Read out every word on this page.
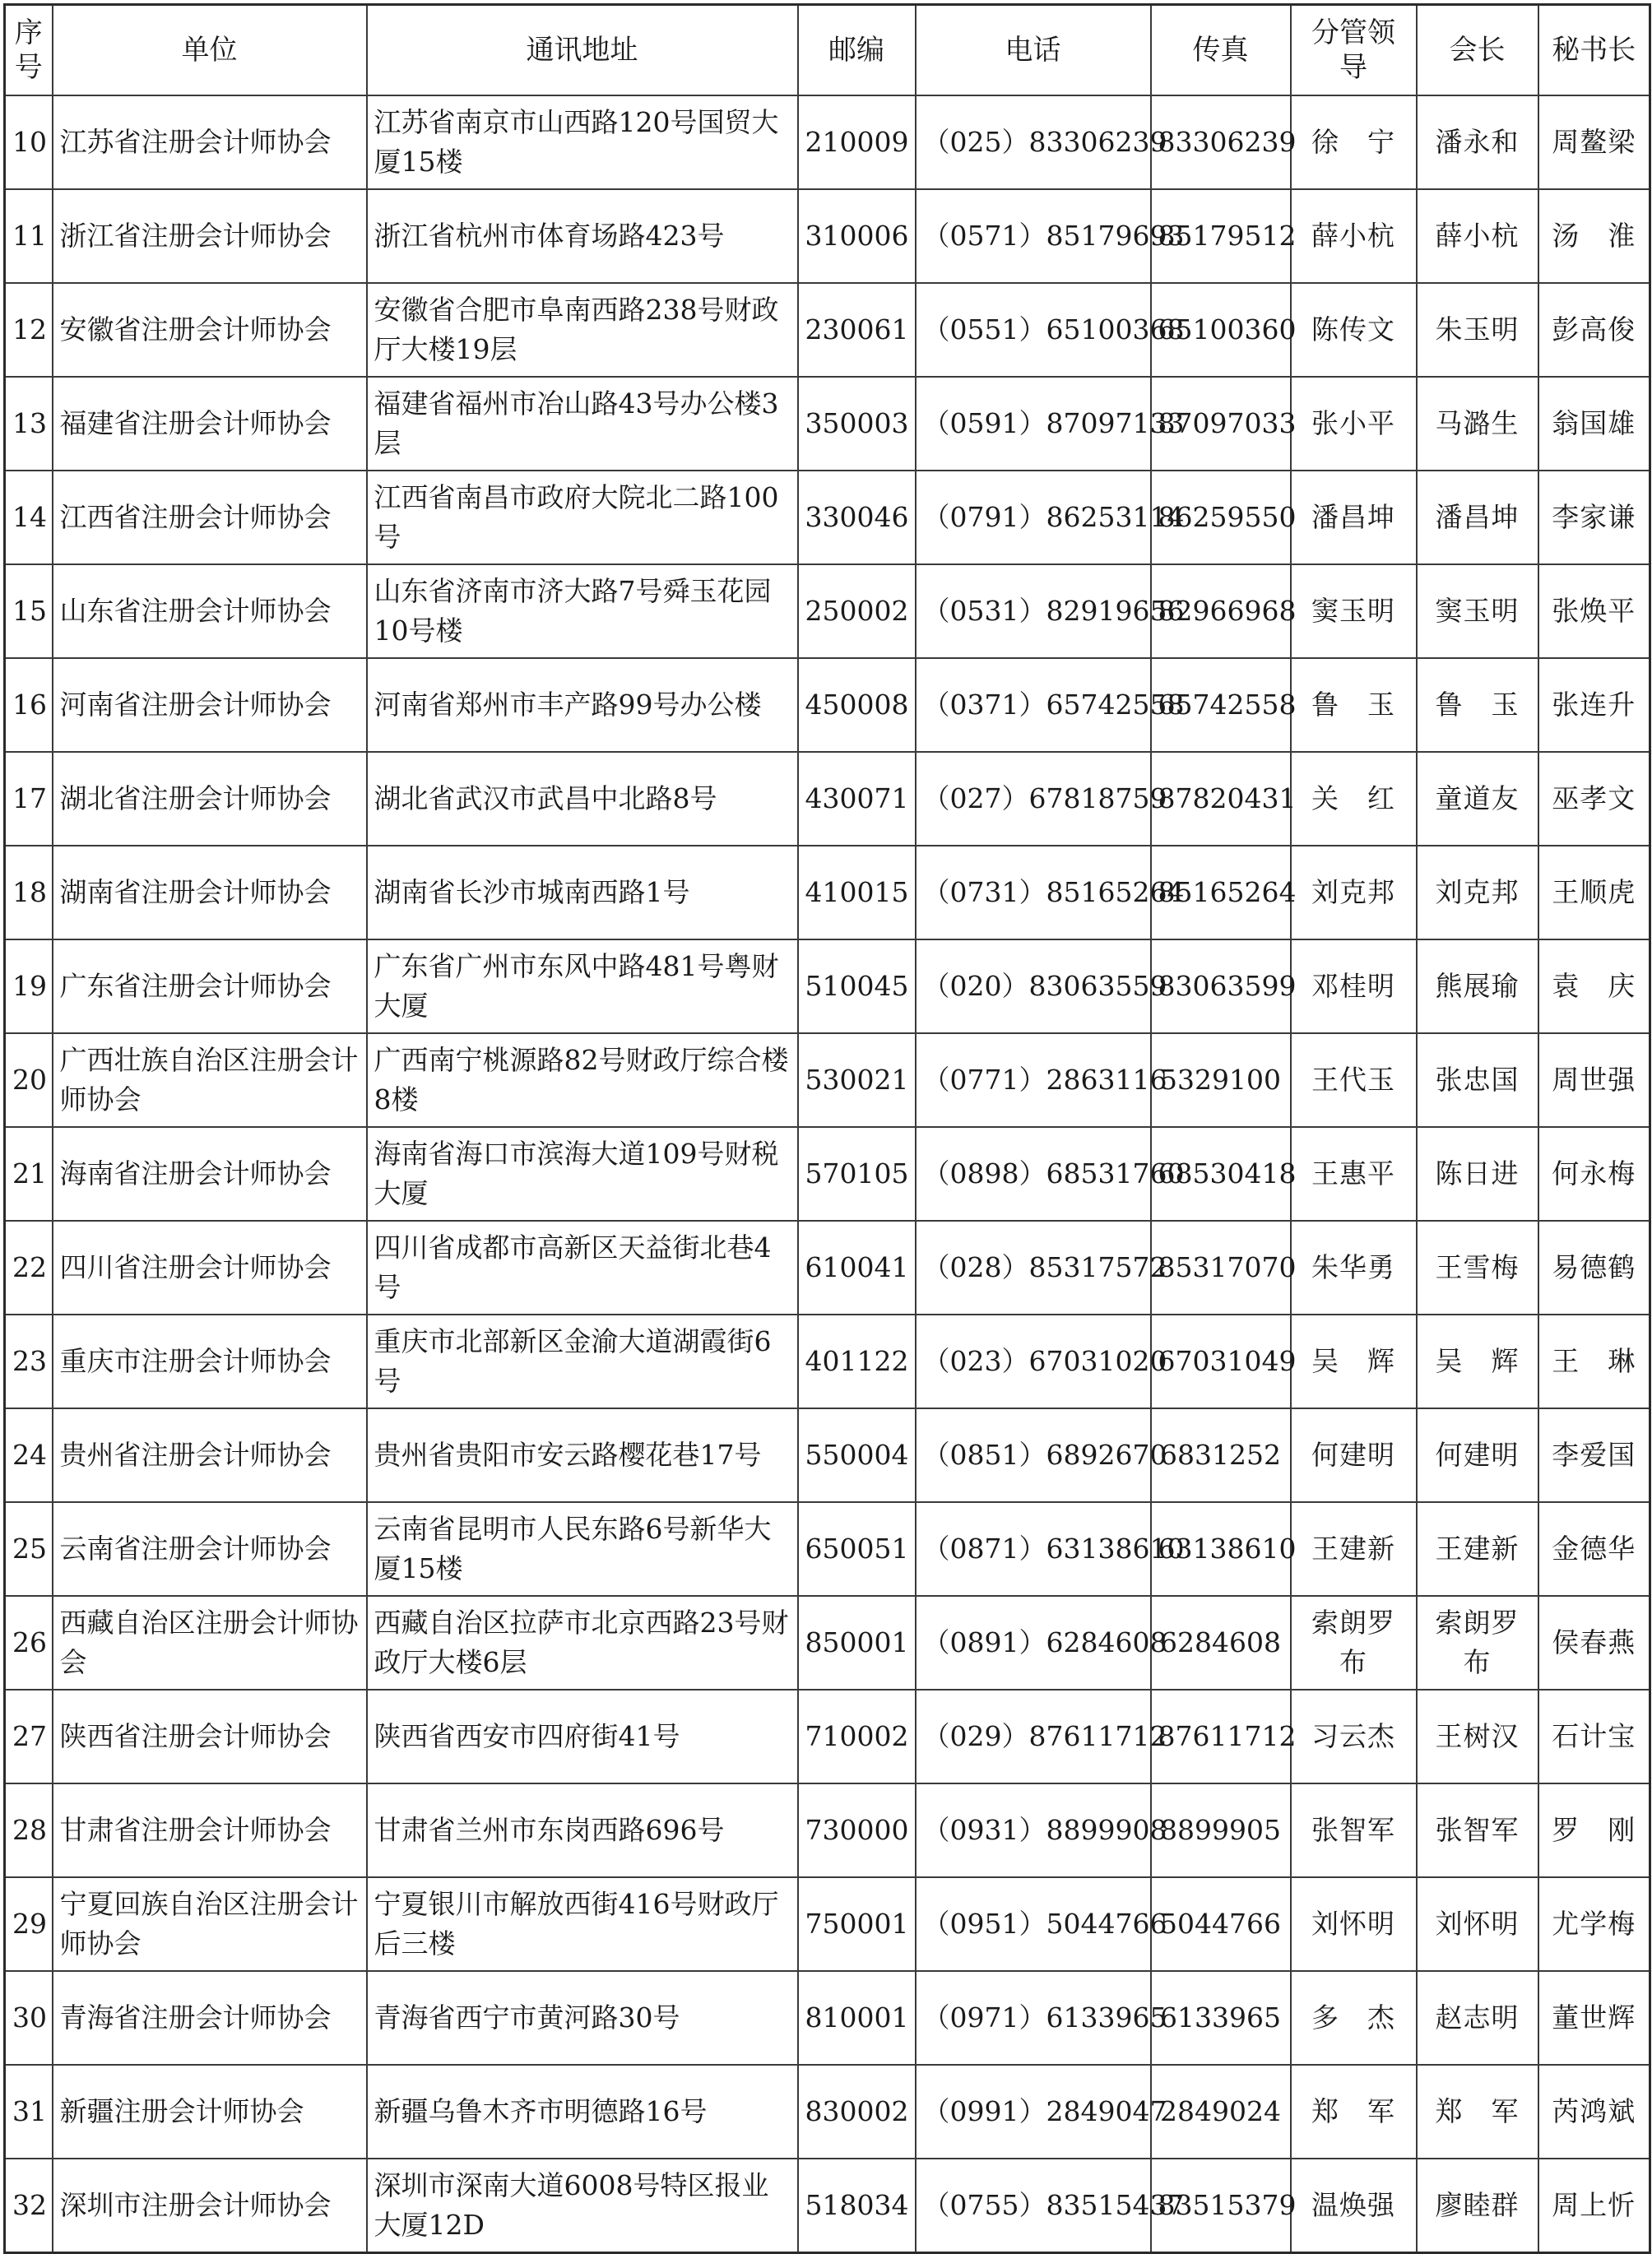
序号	单位	通讯地址	邮编	电话	传真	分管领导	会长	秘书长
10	江苏省注册会计师协会	江苏省南京市山西路120号国贸大厦15楼	210009	（025）83306239	83306239	徐　宁	潘永和	周鳌梁
11	浙江省注册会计师协会	浙江省杭州市体育场路423号	310006	（0571）85179693	85179512	薛小杭	薛小杭	汤　淮
12	安徽省注册会计师协会	安徽省合肥市阜南西路238号财政厅大楼19层	230061	（0551）65100368	65100360	陈传文	朱玉明	彭高俊
13	福建省注册会计师协会	福建省福州市冶山路43号办公楼3层	350003	（0591）87097133	87097033	张小平	马潞生	翁国雄
14	江西省注册会计师协会	江西省南昌市政府大院北二路100号	330046	（0791）86253114	86259550	潘昌坤	潘昌坤	李家谦
15	山东省注册会计师协会	山东省济南市济大路7号舜玉花园10号楼	250002	（0531）82919656	82966968	窦玉明	窦玉明	张焕平
16	河南省注册会计师协会	河南省郑州市丰产路99号办公楼	450008	（0371）65742558	65742558	鲁　玉	鲁　玉	张连升
17	湖北省注册会计师协会	湖北省武汉市武昌中北路8号	430071	（027）67818759	87820431	关　红	童道友	巫孝文
18	湖南省注册会计师协会	湖南省长沙市城南西路1号	410015	（0731）85165264	85165264	刘克邦	刘克邦	王顺虎
19	广东省注册会计师协会	广东省广州市东风中路481号粤财大厦	510045	（020）83063559	83063599	邓桂明	熊展瑜	袁　庆
20	广西壮族自治区注册会计师协会	广西南宁桃源路82号财政厅综合楼8楼	530021	（0771）2863116	5329100	王代玉	张忠国	周世强
21	海南省注册会计师协会	海南省海口市滨海大道109号财税大厦	570105	（0898）68531760	68530418	王惠平	陈日进	何永梅
22	四川省注册会计师协会	四川省成都市高新区天益街北巷4号	610041	（028）85317572	85317070	朱华勇	王雪梅	易德鹤
23	重庆市注册会计师协会	重庆市北部新区金渝大道湖霞街6号	401122	（023）67031020	67031049	吴　辉	吴　辉	王　琳
24	贵州省注册会计师协会	贵州省贵阳市安云路樱花巷17号	550004	（0851）6892670	6831252	何建明	何建明	李爱国
25	云南省注册会计师协会	云南省昆明市人民东路6号新华大厦15楼	650051	（0871）63138610	63138610	王建新	王建新	金德华
26	西藏自治区注册会计师协会	西藏自治区拉萨市北京西路23号财政厅大楼6层	850001	（0891）6284608	6284608	索朗罗布	索朗罗布	侯春燕
27	陕西省注册会计师协会	陕西省西安市四府街41号	710002	（029）87611712	87611712	习云杰	王树汉	石计宝
28	甘肃省注册会计师协会	甘肃省兰州市东岗西路696号	730000	（0931）8899908	8899905	张智军	张智军	罗　刚
29	宁夏回族自治区注册会计师协会	宁夏银川市解放西街416号财政厅后三楼	750001	（0951）5044766	5044766	刘怀明	刘怀明	尤学梅
30	青海省注册会计师协会	青海省西宁市黄河路30号	810001	（0971）6133965	6133965	多　杰	赵志明	董世辉
31	新疆注册会计师协会	新疆乌鲁木齐市明德路16号	830002	（0991）2849047	2849024	郑　军	郑　军	芮鸿斌
32	深圳市注册会计师协会	深圳市深南大道6008号特区报业大厦12D	518034	（0755）83515437	83515379	温焕强	廖睦群	周上忻
